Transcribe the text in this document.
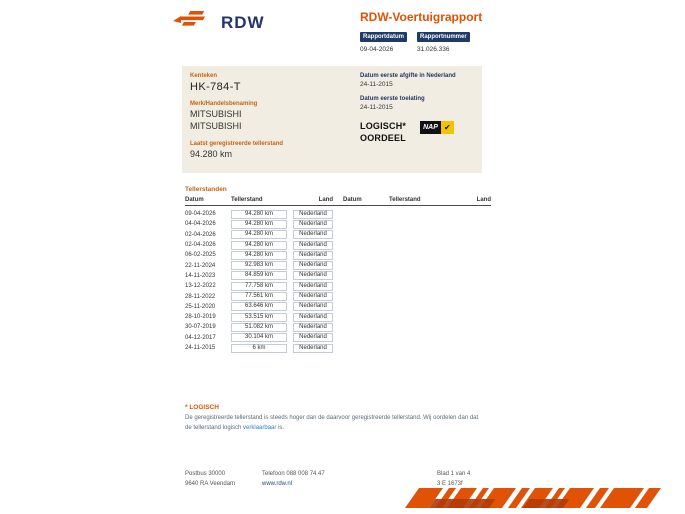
RDW	RDW-Voertuigrapport
Rapportdatum
09-04-2026
Rapportnummer
31.026.336
Kenteken
HK-784-T
Merk/Handelsbenaming
MITSUBISHI
MITSUBISHI
Laatst geregistreerde tellerstand
94.280 km
Datum eerste afgifte in Nederland
24-11-2015
Datum eerste toelating
24-11-2015
LOGISCH*
OORDEEL
NAP ✔
Tellerstanden
Datum	Tellerstand	Land Datum	Tellerstand	Land
09-04-2026	94.280 km	Nederland
04-04-2026	94.280 km	Nederland
02-04-2026	94.280 km	Nederland
02-04-2026	94.280 km	Nederland
06-02-2025	94.280 km	Nederland
22-11-2024	92.983 km	Nederland
14-11-2023	84.859 km	Nederland
13-12-2022	77.758 km	Nederland
28-11-2022	77.561 km	Nederland
25-11-2020	63.646 km	Nederland
28-10-2019	53.515 km	Nederland
30-07-2019	51.082 km	Nederland
04-12-2017	30.104 km	Nederland
24-11-2015	6 km	Nederland
* LOGISCH
De geregistreerde tellerstand is steeds hoger dan de daarvoor geregistreerde tellerstand. Wij oordelen dan dat de tellerstand logisch verklaarbaar is.
Postbus 30000
9640 RA Veendam
Telefoon 088 008 74 47
www.rdw.nl
Blad 1 van 4
3 E 1673f
